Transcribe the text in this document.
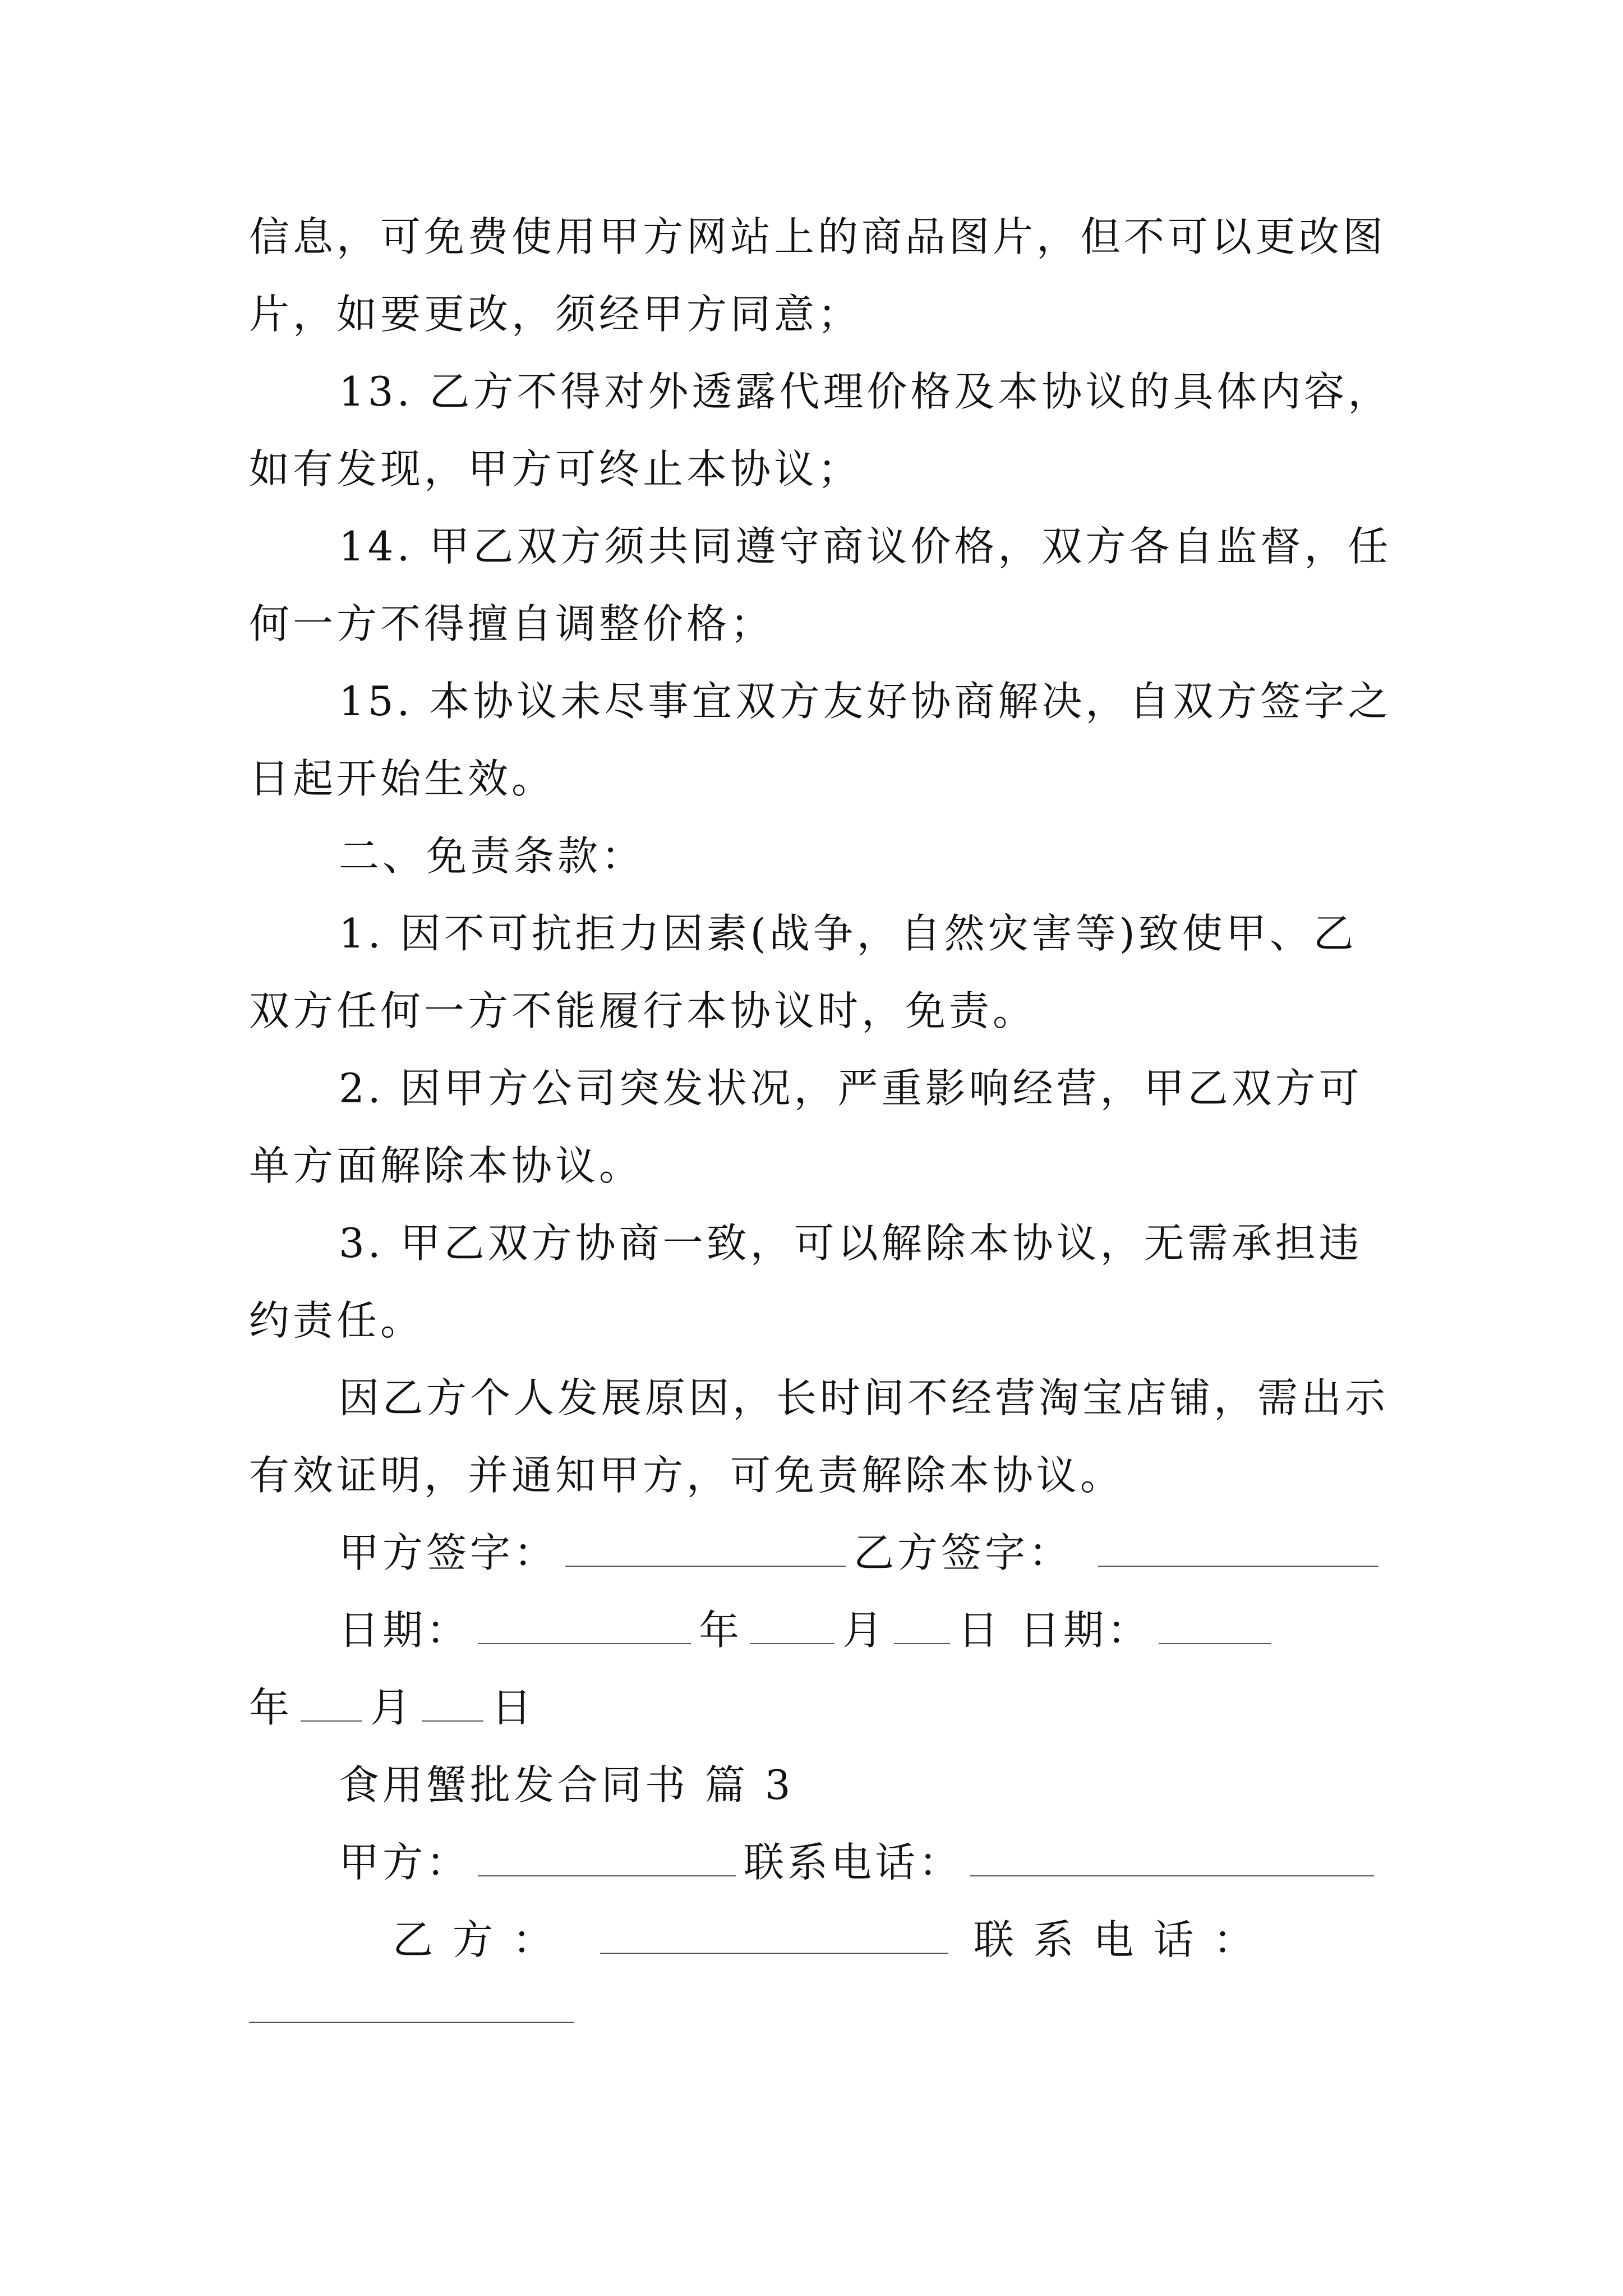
信息，可免费使用甲方网站上的商品图片，但不可以更改图
片，如要更改，须经甲方同意；
13. 乙方不得对外透露代理价格及本协议的具体内容，
如有发现，甲方可终止本协议；
14. 甲乙双方须共同遵守商议价格，双方各自监督，任
何一方不得擅自调整价格；
15. 本协议未尽事宜双方友好协商解决，自双方签字之
日起开始生效。
二、免责条款：
1. 因不可抗拒力因素(战争，自然灾害等)致使甲、乙
双方任何一方不能履行本协议时，免责。
2. 因甲方公司突发状况，严重影响经营，甲乙双方可
单方面解除本协议。
3. 甲乙双方协商一致，可以解除本协议，无需承担违
约责任。
因乙方个人发展原因，长时间不经营淘宝店铺，需出示
有效证明，并通知甲方，可免责解除本协议。
甲方签字：	乙方签字：
日期：	年 月 日 日期：
年 月 日
食用蟹批发合同书 篇 3
甲方：	联系电话：
乙 方 ：	联 系 电 话 ：
